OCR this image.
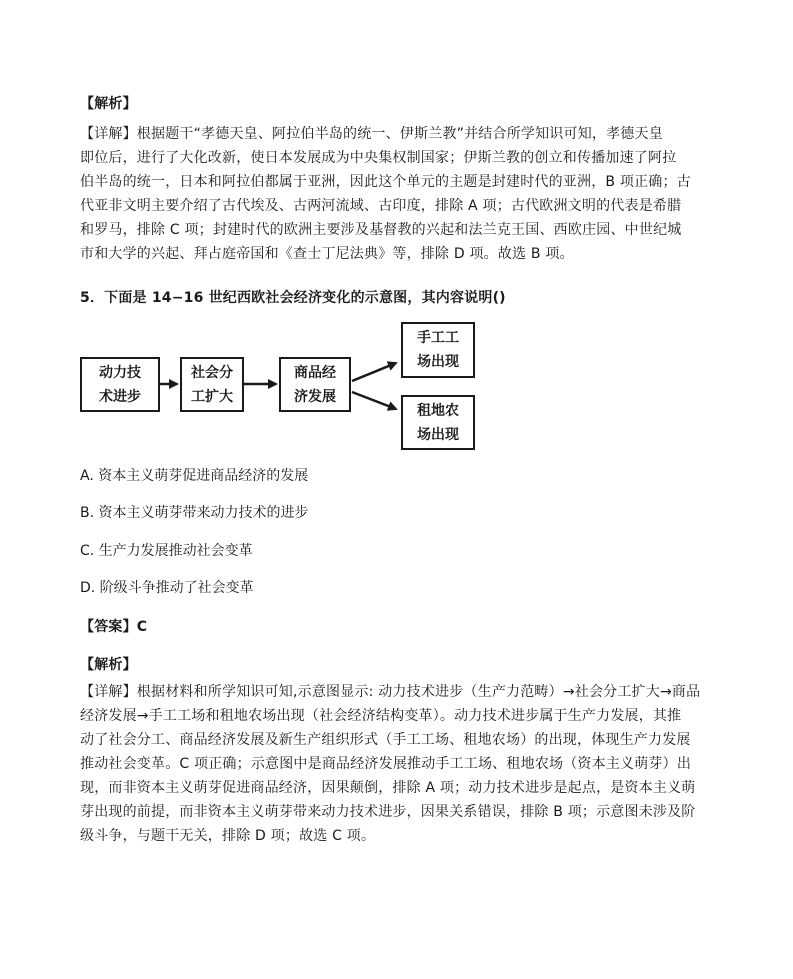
【解析】
【详解】根据题干“孝德天皇、阿拉伯半岛的统一、伊斯兰教”并结合所学知识可知，孝德天皇
即位后，进行了大化改新，使日本发展成为中央集权制国家；伊斯兰教的创立和传播加速了阿拉
伯半岛的统一，日本和阿拉伯都属于亚洲，因此这个单元的主题是封建时代的亚洲，B 项正确；古
代亚非文明主要介绍了古代埃及、古两河流域、古印度，排除 A 项；古代欧洲文明的代表是希腊
和罗马，排除 C 项；封建时代的欧洲主要涉及基督教的兴起和法兰克王国、西欧庄园、中世纪城
市和大学的兴起、拜占庭帝国和《查士丁尼法典》等，排除 D 项。故选 B 项。
5．下面是 14−16 世纪西欧社会经济变化的示意图，其内容说明()
动力技
术进步
社会分
工扩大
商品经
济发展
手工工
场出现
租地农
场出现
A. 资本主义萌芽促进商品经济的发展
B. 资本主义萌芽带来动力技术的进步
C. 生产力发展推动社会变革
D. 阶级斗争推动了社会变革
【答案】C
【解析】
【详解】根据材料和所学知识可知,示意图显示: 动力技术进步（生产力范畴）→社会分工扩大→商品
经济发展→手工工场和租地农场出现（社会经济结构变革）。动力技术进步属于生产力发展，其推
动了社会分工、商品经济发展及新生产组织形式（手工工场、租地农场）的出现，体现生产力发展
推动社会变革。C 项正确；示意图中是商品经济发展推动手工工场、租地农场（资本主义萌芽）出
现，而非资本主义萌芽促进商品经济，因果颠倒，排除 A 项；动力技术进步是起点，是资本主义萌
芽出现的前提，而非资本主义萌芽带来动力技术进步，因果关系错误，排除 B 项；示意图未涉及阶
级斗争，与题干无关，排除 D 项；故选 C 项。
